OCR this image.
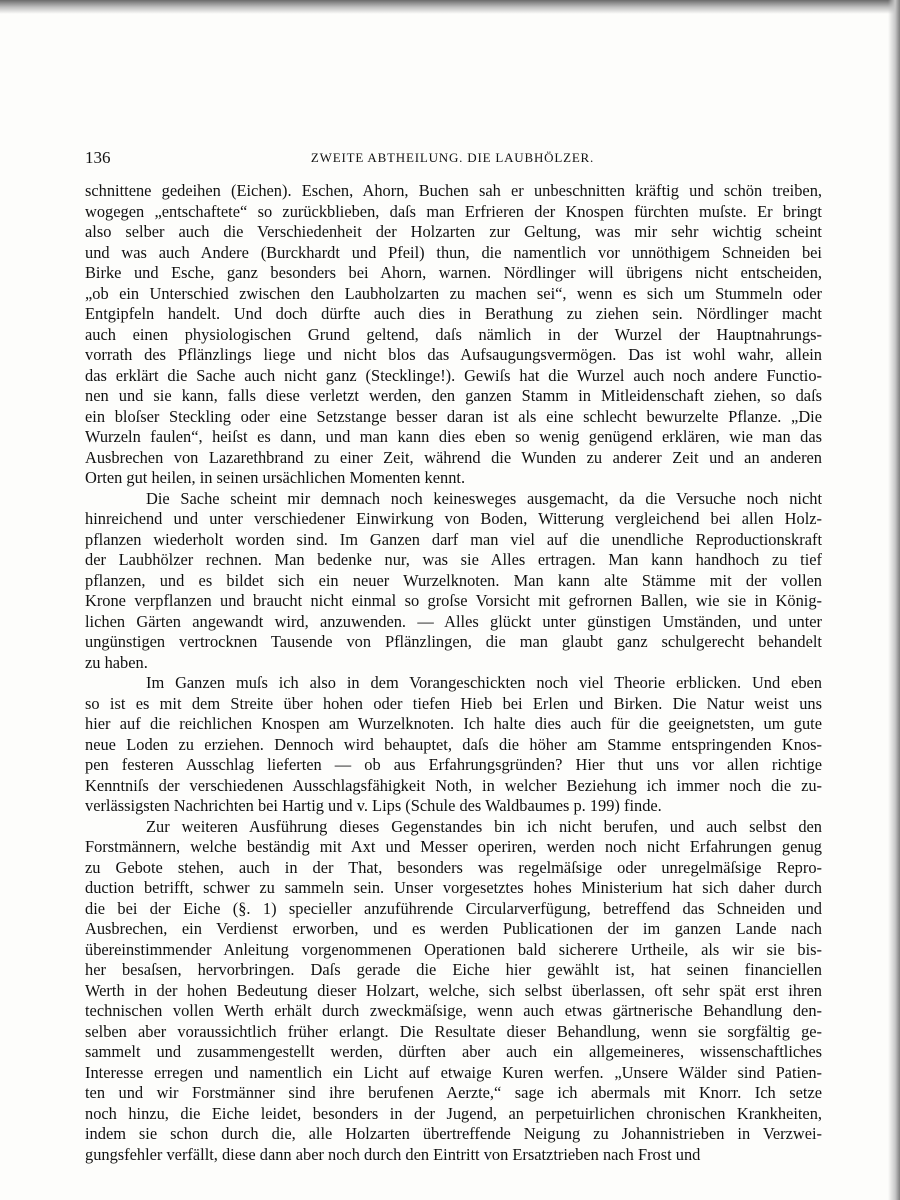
136	ZWEITE ABTHEILUNG. DIE LAUBHÖLZER.
schnittene gedeihen (Eichen). Eschen, Ahorn, Buchen sah er unbeschnitten kräftig und schön treiben,
wogegen „entschaftete“ so zurückblieben, daſs man Erfrieren der Knospen fürchten muſste. Er bringt
also selber auch die Verschiedenheit der Holzarten zur Geltung, was mir sehr wichtig scheint
und was auch Andere (Burckhardt und Pfeil) thun, die namentlich vor unnöthigem Schneiden bei
Birke und Esche, ganz besonders bei Ahorn, warnen. Nördlinger will übrigens nicht entscheiden,
„ob ein Unterschied zwischen den Laubholzarten zu machen sei“, wenn es sich um Stummeln oder
Entgipfeln handelt. Und doch dürfte auch dies in Berathung zu ziehen sein. Nördlinger macht
auch einen physiologischen Grund geltend, daſs nämlich in der Wurzel der Hauptnahrungs-
vorrath des Pflänzlings liege und nicht blos das Aufsaugungsvermögen. Das ist wohl wahr, allein
das erklärt die Sache auch nicht ganz (Stecklinge!). Gewiſs hat die Wurzel auch noch andere Functio-
nen und sie kann, falls diese verletzt werden, den ganzen Stamm in Mitleidenschaft ziehen, so daſs
ein bloſser Steckling oder eine Setzstange besser daran ist als eine schlecht bewurzelte Pflanze. „Die
Wurzeln faulen“, heiſst es dann, und man kann dies eben so wenig genügend erklären, wie man das
Ausbrechen von Lazarethbrand zu einer Zeit, während die Wunden zu anderer Zeit und an anderen
Orten gut heilen, in seinen ursächlichen Momenten kennt.
Die Sache scheint mir demnach noch keinesweges ausgemacht, da die Versuche noch nicht
hinreichend und unter verschiedener Einwirkung von Boden, Witterung vergleichend bei allen Holz-
pflanzen wiederholt worden sind. Im Ganzen darf man viel auf die unendliche Reproductionskraft
der Laubhölzer rechnen. Man bedenke nur, was sie Alles ertragen. Man kann handhoch zu tief
pflanzen, und es bildet sich ein neuer Wurzelknoten. Man kann alte Stämme mit der vollen
Krone verpflanzen und braucht nicht einmal so groſse Vorsicht mit gefrornen Ballen, wie sie in König-
lichen Gärten angewandt wird, anzuwenden. — Alles glückt unter günstigen Umständen, und unter
ungünstigen vertrocknen Tausende von Pflänzlingen, die man glaubt ganz schulgerecht behandelt
zu haben.
Im Ganzen muſs ich also in dem Vorangeschickten noch viel Theorie erblicken. Und eben
so ist es mit dem Streite über hohen oder tiefen Hieb bei Erlen und Birken. Die Natur weist uns
hier auf die reichlichen Knospen am Wurzelknoten. Ich halte dies auch für die geeignetsten, um gute
neue Loden zu erziehen. Dennoch wird behauptet, daſs die höher am Stamme entspringenden Knos-
pen festeren Ausschlag lieferten — ob aus Erfahrungsgründen? Hier thut uns vor allen richtige
Kenntniſs der verschiedenen Ausschlagsfähigkeit Noth, in welcher Beziehung ich immer noch die zu-
verlässigsten Nachrichten bei Hartig und v. Lips (Schule des Waldbaumes p. 199) finde.
Zur weiteren Ausführung dieses Gegenstandes bin ich nicht berufen, und auch selbst den
Forstmännern, welche beständig mit Axt und Messer operiren, werden noch nicht Erfahrungen genug
zu Gebote stehen, auch in der That, besonders was regelmäſsige oder unregelmäſsige Repro-
duction betrifft, schwer zu sammeln sein. Unser vorgesetztes hohes Ministerium hat sich daher durch
die bei der Eiche (§. 1) specieller anzuführende Circularverfügung, betreffend das Schneiden und
Ausbrechen, ein Verdienst erworben, und es werden Publicationen der im ganzen Lande nach
übereinstimmender Anleitung vorgenommenen Operationen bald sicherere Urtheile, als wir sie bis-
her besaſsen, hervorbringen. Daſs gerade die Eiche hier gewählt ist, hat seinen financiellen
Werth in der hohen Bedeutung dieser Holzart, welche, sich selbst überlassen, oft sehr spät erst ihren
technischen vollen Werth erhält durch zweckmäſsige, wenn auch etwas gärtnerische Behandlung den-
selben aber voraussichtlich früher erlangt. Die Resultate dieser Behandlung, wenn sie sorgfältig ge-
sammelt und zusammengestellt werden, dürften aber auch ein allgemeineres, wissenschaftliches
Interesse erregen und namentlich ein Licht auf etwaige Kuren werfen. „Unsere Wälder sind Patien-
ten und wir Forstmänner sind ihre berufenen Aerzte,“ sage ich abermals mit Knorr. Ich setze
noch hinzu, die Eiche leidet, besonders in der Jugend, an perpetuirlichen chronischen Krankheiten,
indem sie schon durch die, alle Holzarten übertreffende Neigung zu Johannistrieben in Verzwei-
gungsfehler verfällt, diese dann aber noch durch den Eintritt von Ersatztrieben nach Frost und
